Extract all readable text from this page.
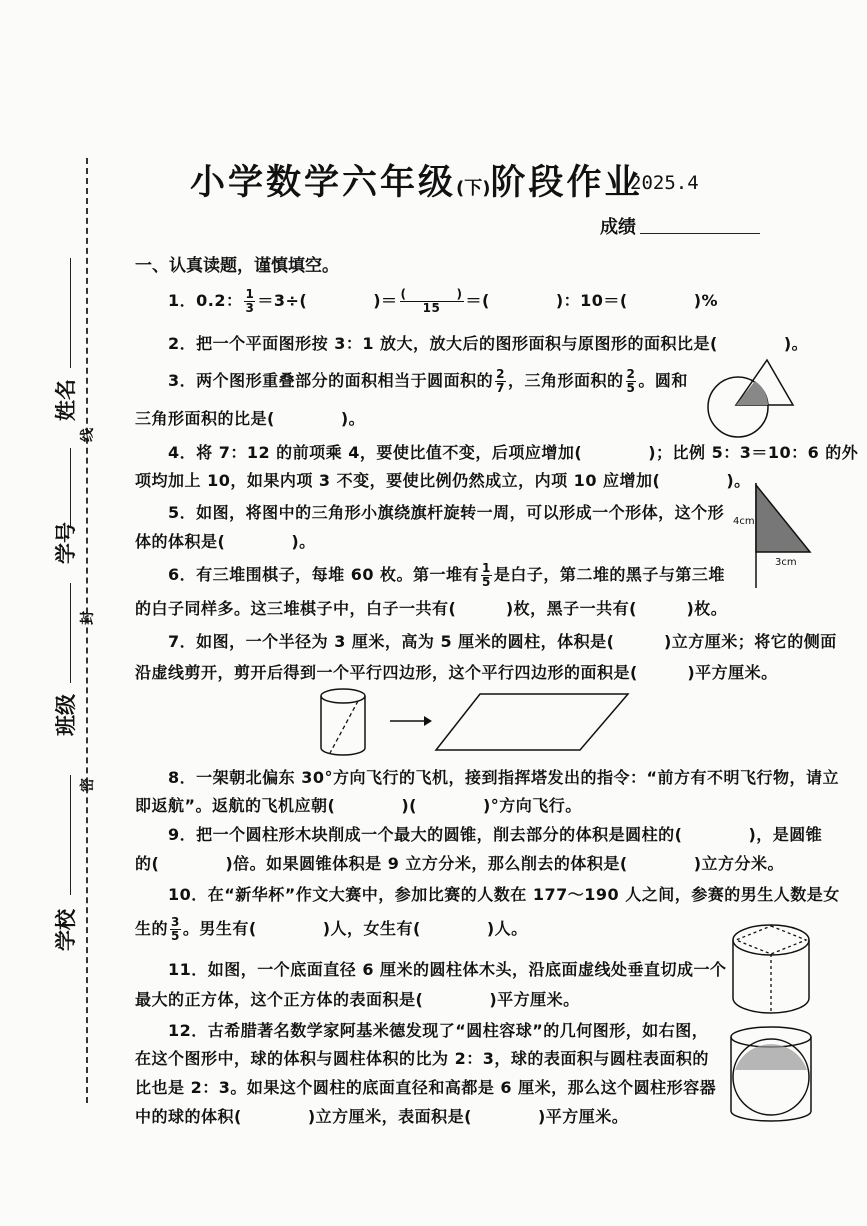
姓名
线
学号
封
班级
密
学校
小学数学六年级(下)阶段作业
2025.4
成绩
一、认真读题，谨慎填空。
1．0.2： $\frac{1}{3} =3\div$(　　　　)＝ $\frac{( )}{15}$ ＝(　　　　)：10＝(　　　　)%
2．把一个平面图形按 3：1 放大，放大后的图形面积与原图形的面积比是(　　　　)。
3．两个图形重叠部分的面积相当于圆面积的 $\frac{2}{7}$ ，三角形面积的 $\frac{2}{5}$ 。圆和
三角形面积的比是(　　　　)。
4．将 7：12 的前项乘 4，要使比值不变，后项应增加(　　　　)；比例 5：3＝10：6 的外
项均加上 10，如果内项 3 不变，要使比例仍然成立，内项 10 应增加(　　　　)。
5．如图，将图中的三角形小旗绕旗杆旋转一周，可以形成一个形体，这个形
体的体积是(　　　　)。
4cm
3cm
6．有三堆围棋子，每堆 60 枚。第一堆有 $\frac{1}{5}$ 是白子，第二堆的黑子与第三堆
的白子同样多。这三堆棋子中，白子一共有(　　　)枚，黑子一共有(　　　)枚。
7．如图，一个半径为 3 厘米，高为 5 厘米的圆柱，体积是(　　　)立方厘米；将它的侧面
沿虚线剪开，剪开后得到一个平行四边形，这个平行四边形的面积是(　　　)平方厘米。
8．一架朝北偏东 30°方向飞行的飞机，接到指挥塔发出的指令：“前方有不明飞行物，请立
即返航”。返航的飞机应朝(　　　　)(　　　　)°方向飞行。
9．把一个圆柱形木块削成一个最大的圆锥，削去部分的体积是圆柱的(　　　　)，是圆锥
的(　　　　)倍。如果圆锥体积是 9 立方分米，那么削去的体积是(　　　　)立方分米。
10．在“新华杯”作文大赛中，参加比赛的人数在 177～190 人之间，参赛的男生人数是女
生的 $\frac{3}{5}$ 。男生有(　　　　)人，女生有(　　　　)人。
11．如图，一个底面直径 6 厘米的圆柱体木头，沿底面虚线处垂直切成一个
最大的正方体，这个正方体的表面积是(　　　　)平方厘米。
12．古希腊著名数学家阿基米德发现了“圆柱容球”的几何图形，如右图，
在这个图形中，球的体积与圆柱体积的比为 2：3，球的表面积与圆柱表面积的
比也是 2：3。如果这个圆柱的底面直径和高都是 6 厘米，那么这个圆柱形容器
中的球的体积(　　　　)立方厘米，表面积是(　　　　)平方厘米。
